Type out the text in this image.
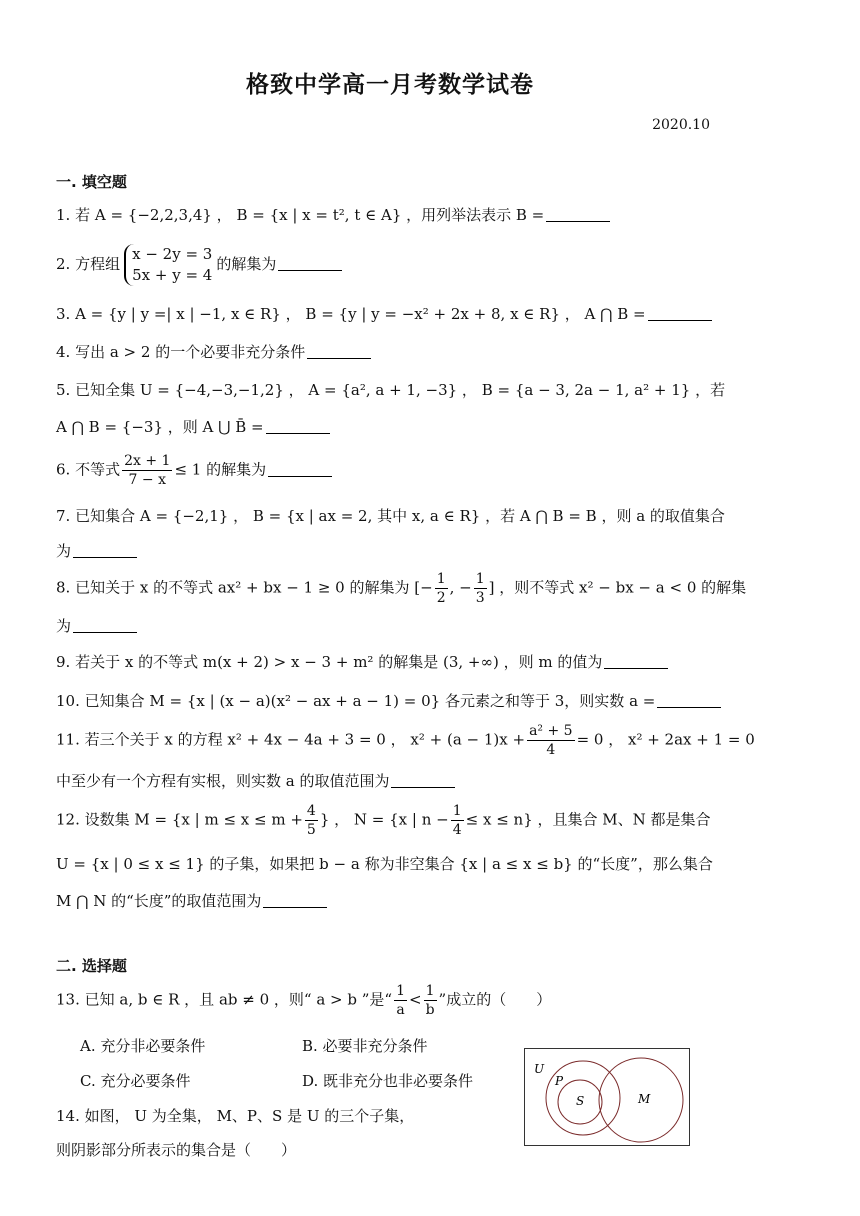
格致中学高一月考数学试卷
2020.10
一. 填空题
1. 若 A = {−2,2,3,4} ， B = {x | x = t², t ∈ A} ，用列举法表示 B =
2. 方程组
x − 2y = 3
5x + y = 4
的解集为
3. A = {y | y =| x | −1, x ∈ R} ， B = {y | y = −x² + 2x + 8, x ∈ R} ， A ⋂ B =
4. 写出 a > 2 的一个必要非充分条件
5. 已知全集 U = {−4,−3,−1,2} ， A = {a², a + 1, −3} ， B = {a − 3, 2a − 1, a² + 1} ，若
A ⋂ B = {−3} ，则 A ⋃ B̄ =
6. 不等式 $\frac{2x + 1}{7 - x} \le 1$ 的解集为
7. 已知集合 A = {−2,1} ， B = {x | ax = 2, 其中 x, a ∈ R} ，若 A ⋂ B = B ，则 a 的取值集合
为
8. 已知关于 x 的不等式 ax² + bx − 1 ≥ 0 的解集为 [− $\frac{1}{2}$ , − $\frac{1}{3}$ ] ，则不等式 x² − bx − a < 0 的解集
为
9. 若关于 x 的不等式 m(x + 2) > x − 3 + m² 的解集是 (3, +∞) ，则 m 的值为
10. 已知集合 M = {x | (x − a)(x² − ax + a − 1) = 0} 各元素之和等于 3，则实数 a =
11. 若三个关于 x 的方程 x² + 4x − 4a + 3 = 0 ， $x^2 + (a - 1)x + \frac{\text{a² + 5}}{4} = 0$ ， x² + 2ax + 1 = 0
中至少有一个方程有实根，则实数 a 的取值范围为
12. 设数集 M = {x | $m \le x \le m + \frac{4}{5}$ } ， N = {x | $n - \frac{1}{4} \le x \le n$} ，且集合 M、N 都是集合
U = {x | 0 ≤ x ≤ 1} 的子集，如果把 b − a 称为非空集合 {x | a ≤ x ≤ b} 的“长度”，那么集合
M ⋂ N 的“长度”的取值范围为
二. 选择题
13. 已知 a, b ∈ R ，且 ab ≠ 0 ，则“ a > b ”是“ $\frac{1}{a} < \frac{1}{b}$ ”成立的（　　）
A. 充分非必要条件	B. 必要非充分条件
C. 充分必要条件	D. 既非充分也非必要条件
14. 如图， U 为全集， M、P、S 是 U 的三个子集，
则阴影部分所表示的集合是（　　）
U
P
S	M
